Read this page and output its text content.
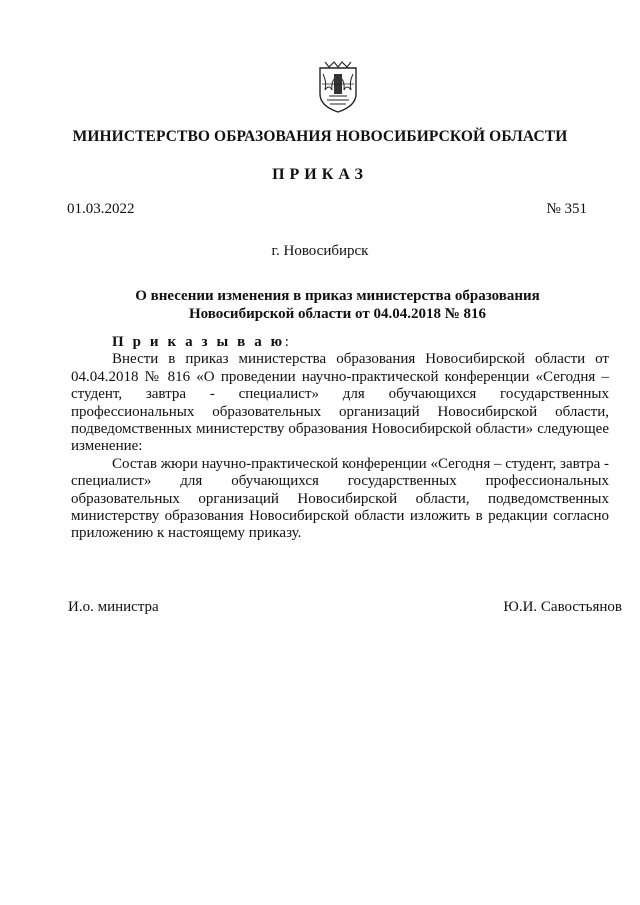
МИНИСТЕРСТВО ОБРАЗОВАНИЯ НОВОСИБИРСКОЙ ОБЛАСТИ
ПРИКАЗ
01.03.2022	№ 351
г. Новосибирск
О внесении изменения в приказ министерства образования
Новосибирской области от 04.04.2018 № 816

П р и к а з ы в а ю:

Внести в приказ министерства образования Новосибирской области от 04.04.2018 № 816 «О проведении научно-практической конференции «Сегодня – студент, завтра - специалист» для обучающихся государственных профессиональных образовательных организаций Новосибирской области, подведомственных министерству образования Новосибирской области» следующее изменение:

Состав жюри научно-практической конференции «Сегодня – студент, завтра - специалист» для обучающихся государственных профессиональных образовательных организаций Новосибирской области, подведомственных министерству образования Новосибирской области изложить в редакции согласно приложению к настоящему приказу.

И.о. министра	Ю.И. Савостьянов
